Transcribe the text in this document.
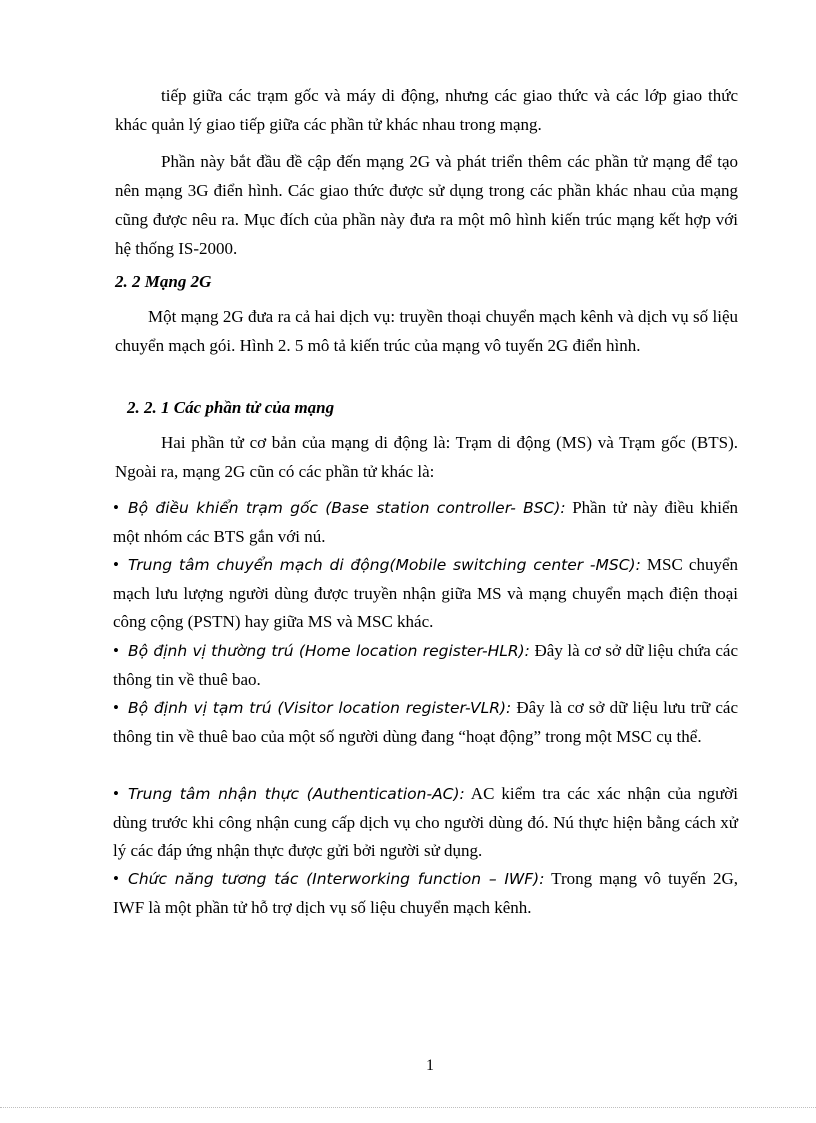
tiếp giữa các trạm gốc và máy di động, nhưng các giao thức và các lớp giao thức khác quản lý giao tiếp giữa các phần tử khác nhau trong mạng.

Phần này bắt đầu đề cập đến mạng 2G và phát triển thêm các phần tử mạng để tạo nên mạng 3G điển hình. Các giao thức được sử dụng trong các phần khác nhau của mạng cũng được nêu ra. Mục đích của phần này đưa ra một mô hình kiến trúc mạng kết hợp với hệ thống IS-2000.

2. 2 Mạng 2G

Một mạng 2G đưa ra cả hai dịch vụ: truyền thoại chuyển mạch kênh và dịch vụ số liệu chuyển mạch gói. Hình 2. 5 mô tả kiến trúc của mạng vô tuyến 2G điển hình.

2. 2. 1 Các phần tử của mạng

Hai phần tử cơ bản của mạng di động là: Trạm di động (MS) và Trạm gốc (BTS). Ngoài ra, mạng 2G cũn có các phần tử khác là:

• Bộ điều khiển trạm gốc (Base station controller- BSC): Phần tử này điều khiển một nhóm các BTS gắn với nú.

• Trung tâm chuyển mạch di động(Mobile switching center -MSC): MSC chuyển mạch lưu lượng người dùng được truyền nhận giữa MS và mạng chuyển mạch điện thoại công cộng (PSTN) hay giữa MS và MSC khác.

• Bộ định vị thường trú (Home location register-HLR): Đây là cơ sở dữ liệu chứa các thông tin về thuê bao.

• Bộ định vị tạm trú (Visitor location register-VLR): Đây là cơ sở dữ liệu lưu trữ các thông tin về thuê bao của một số người dùng đang “hoạt động” trong một MSC cụ thể.

• Trung tâm nhận thực (Authentication-AC): AC kiểm tra các xác nhận của người dùng trước khi công nhận cung cấp dịch vụ cho người dùng đó. Nú thực hiện bằng cách xử lý các đáp ứng nhận thực được gửi bởi người sử dụng.

• Chức năng tương tác (Interworking function – IWF): Trong mạng vô tuyến 2G, IWF là một phần tử hỗ trợ dịch vụ số liệu chuyển mạch kênh.

1
